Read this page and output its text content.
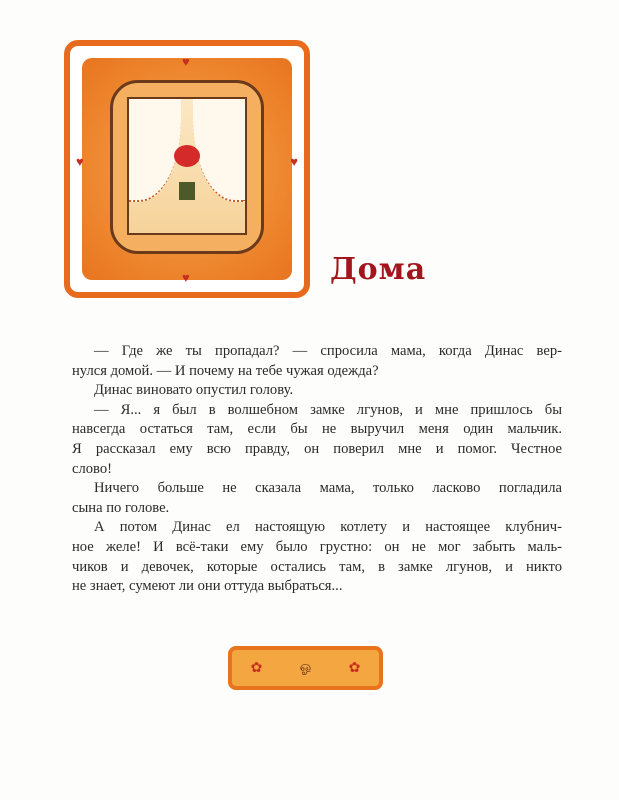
♥
♥	♥
♥	Дома
— Где же ты пропадал? — спросила мама, когда Динас вер-
нулся домой. — И почему на тебе чужая одежда?
Динас виновато опустил голову.
— Я... я был в волшебном замке лгунов, и мне пришлось бы
навсегда остаться там, если бы не выручил меня один мальчик.
Я рассказал ему всю правду, он поверил мне и помог. Честное
слово!
Ничего больше не сказала мама, только ласково погладила
сына по голове.
А потом Динас ел настоящую котлету и настоящее клубнич-
ное желе! И всё-таки ему было грустно: он не мог забыть маль-
чиков и девочек, которые остались там, в замке лгунов, и никто
не знает, сумеют ли они оттуда выбраться...
✿	ஓ	✿
